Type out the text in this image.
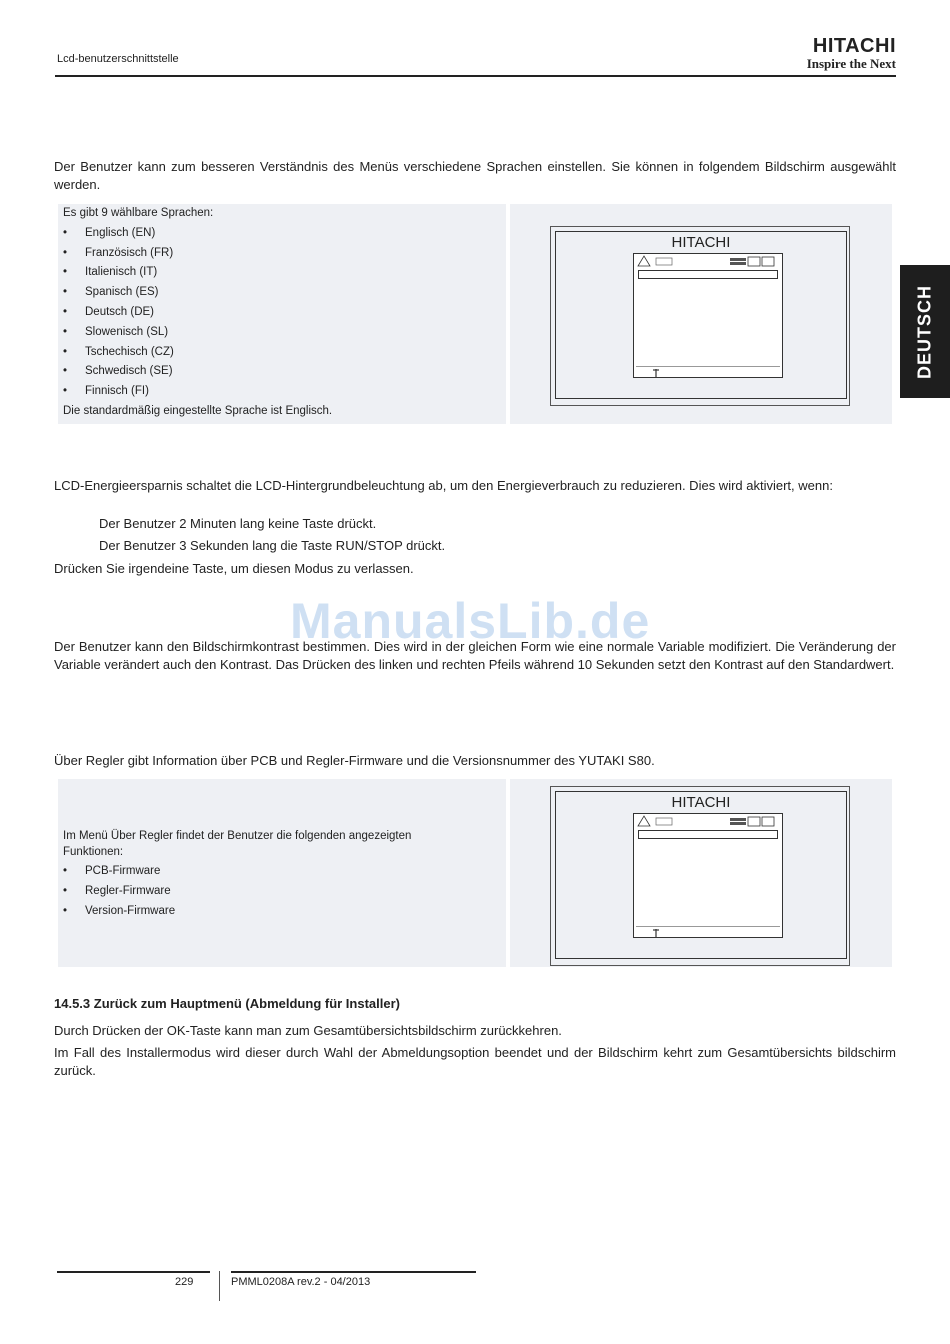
Lcd-benutzerschnittstelle
HITACHI
Inspire the Next
DEUTSCH
Der Benutzer kann zum besseren Verständnis des Menüs verschiedene Sprachen einstellen. Sie können in folgendem Bildschirm ausgewählt werden.
Es gibt 9 wählbare Sprachen:
• Englisch (EN)
• Französisch (FR)
• Italienisch (IT)
• Spanisch (ES)
• Deutsch (DE)
• Slowenisch (SL)
• Tschechisch (CZ)
• Schwedisch (SE)
• Finnisch (FI)
Die standardmäßig eingestellte Sprache ist Englisch.
HITACHI
LCD-Energieersparnis schaltet die LCD-Hintergrundbeleuchtung ab, um den Energieverbrauch zu reduzieren. Dies wird aktiviert, wenn:
Der Benutzer 2 Minuten lang keine Taste drückt.
Der Benutzer 3 Sekunden lang die Taste RUN/STOP drückt.
Drücken Sie irgendeine Taste, um diesen Modus zu verlassen.
ManualsLib.de
Der Benutzer kann den Bildschirmkontrast bestimmen. Dies wird in der gleichen Form wie eine normale Variable modifiziert. Die Veränderung der Variable verändert auch den Kontrast. Das Drücken des linken und rechten Pfeils während 10 Sekunden setzt den Kontrast auf den Standardwert.
Über Regler gibt Information über PCB und Regler-Firmware und die Versionsnummer des YUTAKI S80.
Im Menü Über Regler findet der Benutzer die folgenden angezeigten Funktionen:
• PCB-Firmware
• Regler-Firmware
• Version-Firmware
HITACHI
14.5.3 Zurück zum Hauptmenü (Abmeldung für Installer)
Durch Drücken der OK-Taste kann man zum Gesamtübersichtsbildschirm zurückkehren.
Im Fall des Installermodus wird dieser durch Wahl der Abmeldungsoption beendet und der Bildschirm kehrt zum Gesamtübersichts bildschirm zurück.
229	PMML0208A rev.2 - 04/2013
